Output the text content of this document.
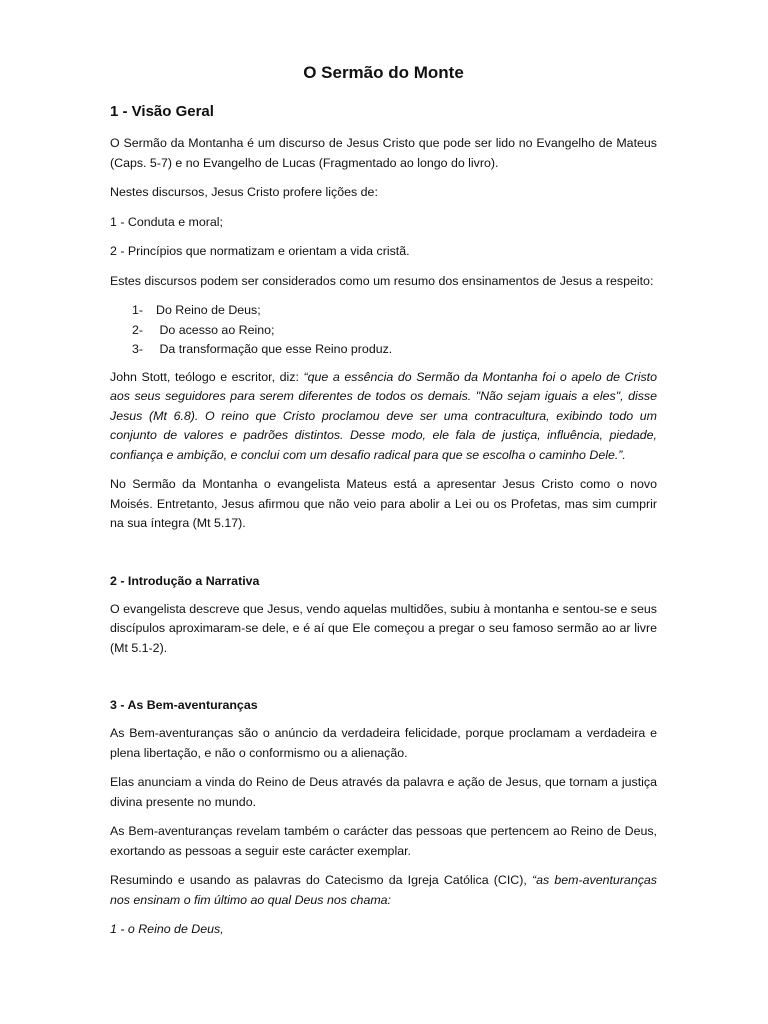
O Sermão do Monte
1 - Visão Geral

O Sermão da Montanha é um discurso de Jesus Cristo que pode ser lido no Evangelho de Mateus (Caps. 5-7) e no Evangelho de Lucas (Fragmentado ao longo do livro).

Nestes discursos, Jesus Cristo profere lições de:

1 - Conduta e moral;

2 - Princípios que normatizam e orientam a vida cristã.

Estes discursos podem ser considerados como um resumo dos ensinamentos de Jesus a respeito:

1-	Do Reino de Deus;
2-	Do acesso ao Reino;
3-	Da transformação que esse Reino produz.

John Stott, teólogo e escritor, diz: “que a essência do Sermão da Montanha foi o apelo de Cristo aos seus seguidores para serem diferentes de todos os demais. "Não sejam iguais a eles", disse Jesus (Mt 6.8). O reino que Cristo proclamou deve ser uma contracultura, exibindo todo um conjunto de valores e padrões distintos. Desse modo, ele fala de justiça, influência, piedade, confiança e ambição, e conclui com um desafio radical para que se escolha o caminho Dele.”.

No Sermão da Montanha o evangelista Mateus está a apresentar Jesus Cristo como o novo Moisés. Entretanto, Jesus afirmou que não veio para abolir a Lei ou os Profetas, mas sim cumprir na sua íntegra (Mt 5.17).

2 - Introdução a Narrativa

O evangelista descreve que Jesus, vendo aquelas multidões, subiu à montanha e sentou-se e seus discípulos aproximaram-se dele, e é aí que Ele começou a pregar o seu famoso sermão ao ar livre (Mt 5.1-2).

3 - As Bem-aventuranças

As Bem-aventuranças são o anúncio da verdadeira felicidade, porque proclamam a verdadeira e plena libertação, e não o conformismo ou a alienação.

Elas anunciam a vinda do Reino de Deus através da palavra e ação de Jesus, que tornam a justiça divina presente no mundo.

As Bem-aventuranças revelam também o carácter das pessoas que pertencem ao Reino de Deus, exortando as pessoas a seguir este carácter exemplar.

Resumindo e usando as palavras do Catecismo da Igreja Católica (CIC), “as bem-aventuranças nos ensinam o fim último ao qual Deus nos chama:

1 - o Reino de Deus,
